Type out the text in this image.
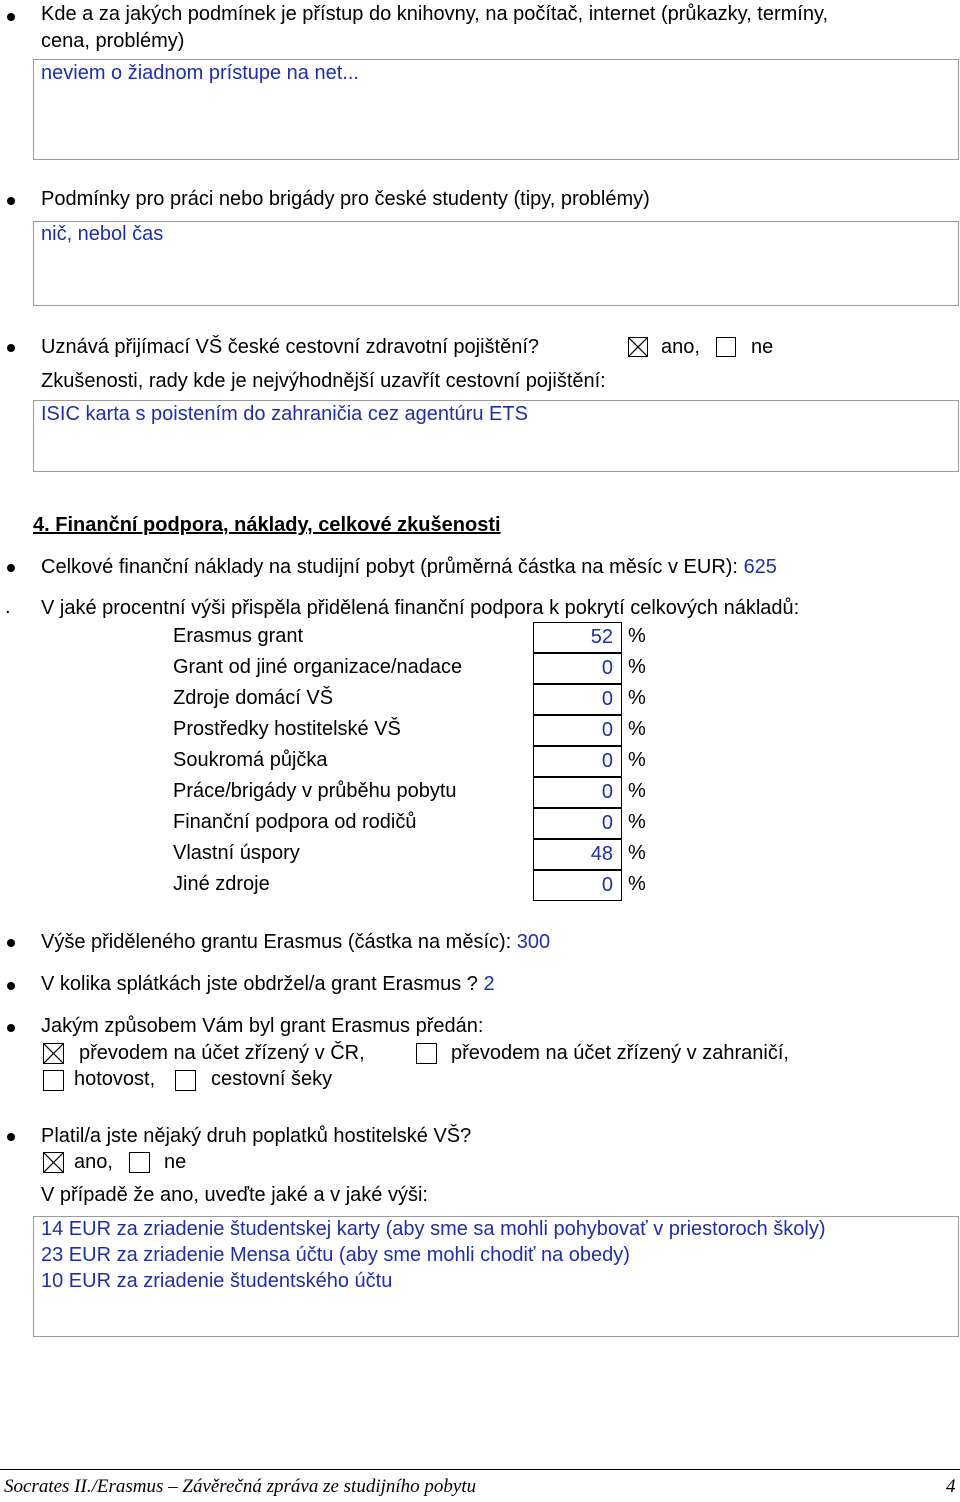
Kde a za jakých podmínek je přístup do knihovny, na počítač, internet (průkazky, termíny,
cena, problémy)
neviem o žiadnom prístupe na net...
Podmínky pro práci nebo brigády pro české studenty (tipy, problémy)
nič, nebol čas
Uznává přijímací VŠ české cestovní zdravotní pojištění?	ano,	ne
Zkušenosti, rady kde je nejvýhodnější uzavřít cestovní pojištění:
ISIC karta s poistením do zahraničia cez agentúru ETS
4. Finanční podpora, náklady, celkové zkušenosti
Celkové finanční náklady na studijní pobyt (průměrná částka na měsíc v EUR): 625
. V jaké procentní výši přispěla přidělená finanční podpora k pokrytí celkových nákladů:
Erasmus grant	52 %
Grant od jiné organizace/nadace	0 %
Zdroje domácí VŠ	0 %
Prostředky hostitelské VŠ	0 %
Soukromá půjčka	0 %
Práce/brigády v průběhu pobytu	0 %
Finanční podpora od rodičů	0 %
Vlastní úspory	48 %
Jiné zdroje	0 %
Výše přiděleného grantu Erasmus (částka na měsíc): 300
V kolika splátkách jste obdržel/a grant Erasmus ? 2
Jakým způsobem Vám byl grant Erasmus předán:
převodem na účet zřízený v ČR,	převodem na účet zřízený v zahraničí,
hotovost,	cestovní šeky
Platil/a jste nějaký druh poplatků hostitelské VŠ?
ano,	ne
V případě že ano, uveďte jaké a v jaké výši:
14 EUR za zriadenie študentskej karty (aby sme sa mohli pohybovať v priestoroch školy)
23 EUR za zriadenie Mensa účtu (aby sme mohli chodiť na obedy)
10 EUR za zriadenie študentského účtu
Socrates II./Erasmus – Závěrečná zpráva ze studijního pobytu	4
